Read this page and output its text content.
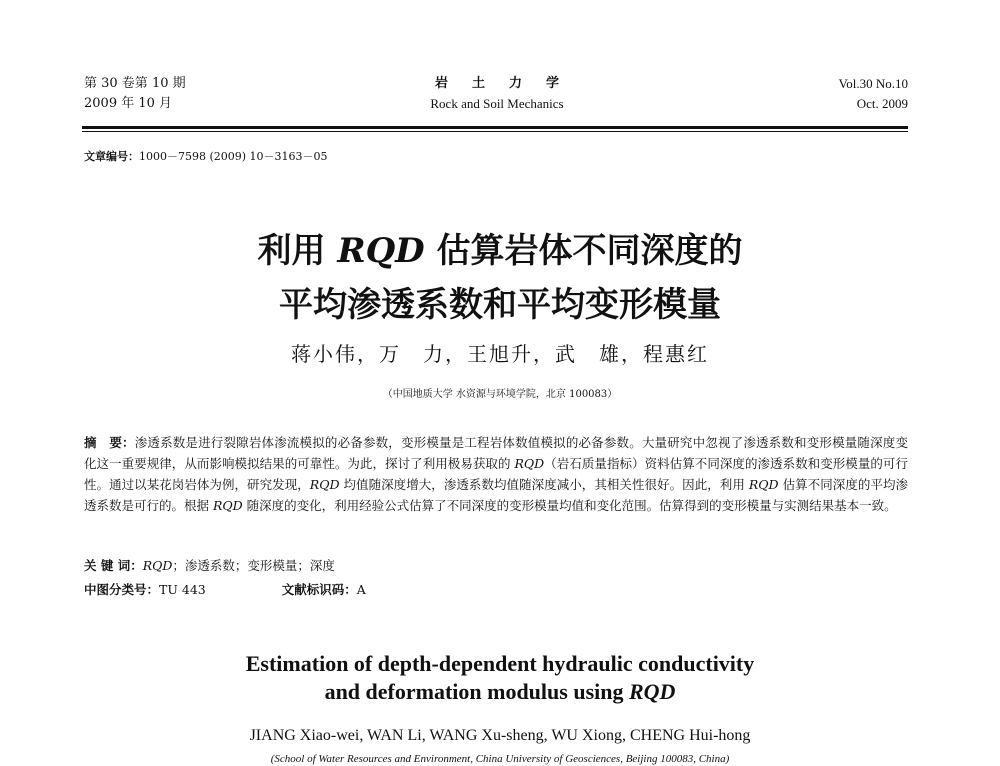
第 30 卷第 10 期
2009 年 10 月
岩土力学
Rock and Soil Mechanics
Vol.30 No.10
Oct. 2009
文章编号：1000－7598 (2009) 10－3163－05
利用 RQD 估算岩体不同深度的
平均渗透系数和平均变形模量
蒋小伟，万　力，王旭升，武　雄，程惠红
（中国地质大学 水资源与环境学院，北京 100083）
摘　要：渗透系数是进行裂隙岩体渗流模拟的必备参数，变形模量是工程岩体数值模拟的必备参数。大量研究中忽视了渗透系数和变形模量随深度变化这一重要规律，从而影响模拟结果的可靠性。为此，探讨了利用极易获取的 RQD（岩石质量指标）资料估算不同深度的渗透系数和变形模量的可行性。通过以某花岗岩体为例，研究发现，RQD 均值随深度增大，渗透系数均值随深度减小，其相关性很好。因此，利用 RQD 估算不同深度的平均渗透系数是可行的。根据 RQD 随深度的变化，利用经验公式估算了不同深度的变形模量均值和变化范围。估算得到的变形模量与实测结果基本一致。
关 键 词：RQD；渗透系数；变形模量；深度
中图分类号：TU 443	文献标识码：A
Estimation of depth-dependent hydraulic conductivity
and deformation modulus using RQD
JIANG Xiao-wei, WAN Li, WANG Xu-sheng, WU Xiong, CHENG Hui-hong
(School of Water Resources and Environment, China University of Geosciences, Beijing 100083, China)
